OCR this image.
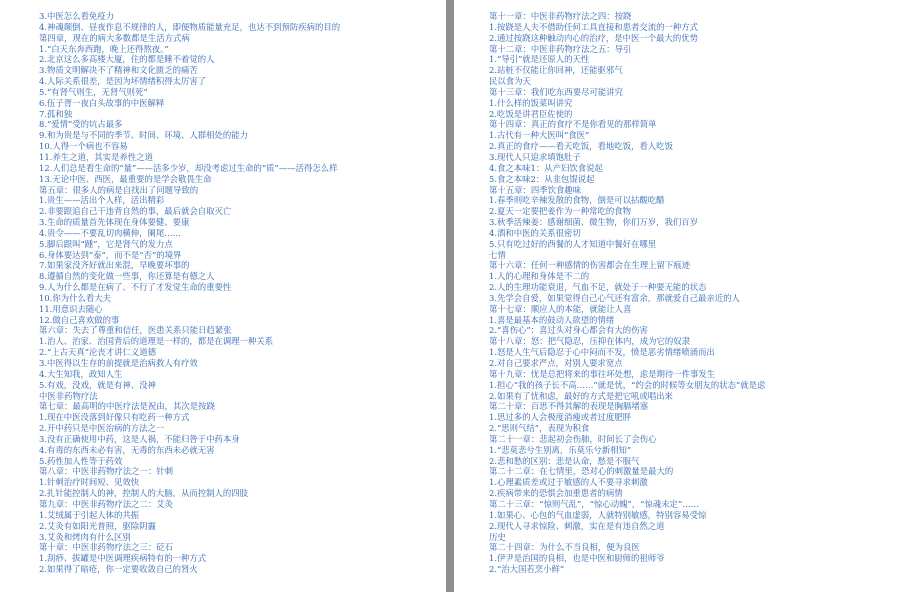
3.中医怎么看免疫力
4.神魂颠倒、昼夜作息不规律的人，即便物质能量充足，也达不到预防疾病的目的
第四章，现在的病大多数都是生活方式病
1.“白天东奔西跑，晚上还得熬夜。”
2.北京这么多高楼大厦，住的都是睡不着觉的人
3.物质文明解决不了精神和文化匮乏的痛苦
4.人际关系很差，是因为坏情绪积得太厉害了
5.“有肾气则生，无肾气则死”
6.伍子胥一夜白头故事的中医解释
7.孤和独
8.“爱情”受的坑占最多
9.和为贵是与不同的季节、时间、环境、人群相处的能力
10.人得一个病也不容易
11.养生之道，其实是养性之道
12.人们总是看生命的“量”——活多少岁，却没考虑过生命的“质”——活得怎么样
13.无论中医、西医，最重要的是学会敬畏生命
第五章：很多人的病是自找出了问题导致的
1.贵生——活出个人样，活出精彩
2.非要跟追自己干违背自然的事，最后就会自取灭亡
3.生命的质量首先体现在身体要健、要康
4.贵令——不要乱切肉横伸，阑尾……
5.脚后跟叫“踵”，它是肾气的发力点
6.身体要达到“泰”，而不是“否”的境界
7.如果家没齐好就出来混，早晚要坏事的
8.遵循自然的变化做一些事，你还算是有德之人
9.人为什么都是在病了、不行了才发觉生命的重要性
10.你为什么看大夫
11.用意识去随心
12.做自己喜欢做的事
第六章：失去了尊重和信任，医患关系只能日趋紧张
1.治人、治家、治国背后的道理是一样的，都是在调理一种关系
2.“上古天真”沦丧才讲仁义道德
3.中医得以生存的前提就是治病救人有疗效
4.大生知我，政知人生
5.有戏，没戏，就是有神、没神
中医非药物疗法
第七章：最高明的中医疗法是祝由，其次是按跷
1.现在中医没落到好像只有吃药一种方式
2.开中药只是中医治病的方法之一
3.没有正确使用中药，这是人祸，不能归咎于中药本身
4.有毒的东西未必有害，无毒的东西未必就无害
5.药性加人性等于药效
第八章：中医非药物疗法之一：针刺
1.针刺治疗时间短、见效快
2.扎针能控制人的神，控制人的大脑，从而控制人的四肢
第九章：中医非药物疗法之二：艾灸
1.艾绒属于引起人体的共振
2.艾灸有如阳光普照，驱除阴霾
3.艾灸和烤肉有什么区别
第十章：中医非药物疗法之三：砭石
1.刮痧、拔罐是中医调理疾病特有的一种方式
2.如果得了暗疮，你一定要收敛自己的肾火
第十一章：中医非药物疗法之四：按跷
1.按跷是人夫不借助任何工具直接和患者交流的一种方式
2.通过按跷这种触动内心的治疗，是中医一个最大的优势
第十二章：中医非药物疗法之五：导引
1.“导引”就是还原人的天性
2.站桩不仅能让你回神，还能驱邪气
民以食为天
第十三章：我们吃东西要尽可能讲究
1.什么样的饭菜叫讲究
2.吃饭是讲君臣佐使的
第十四章：真正的食疗不是你看见的那样简单
1.古代有一种大医叫“食医”
2.真正的食疗——看天吃饭，看地吃饭，看人吃饭
3.现代人只追求填饱肚子
4.食之本味1：从产妇饮食说起
5.食之本味2：从韭包馄说起
第十五章：四季饮食趣味
1.春季则吃辛辣发散的食物，倒是可以拈酸吃醋
2.夏天一定要把姜作为一种常吃的食物
3.秋季活辣姜：感谢细菌、微生物，你们万岁，我们百岁
4.酒和中医的关系很密切
5.只有吃过好的西餐的人才知道中餐好在哪里
七情
第十六章：任何一种感情的伤害都会在生理上留下痕迹
1.人的心理和身体是不二的
2.人的生理功能衰退，气血不足，就处于一种要无能的状态
3.先学会自爱，如果觉得自己心气还有富余，那就爱自己最亲近的人
第十七章：顺应人的本能，就能让人喜
1.喜是最基本的鼓动人欲望的情绪
2.“喜伤心”：喜过头对身心都会有大的伤害
第十八章：怒：把气隐忍，压抑在体内，成为它的奴隶
1.怒是人生气后隐忍于心中闷而不发，愤是恶劣情绪喷涌而出
2.对自己要求严点，对别人要求宽点
第十九章：忧是总把将来的事往坏处想，虑是期待一件事发生
1.担心“我的孩子长不高……”就是忧，“约会的时候等女朋友的状态”就是虑
2.如果有了忧和虑，最好的方式是把它吼或唱出来
第二十章：百思不得其解的表现是胸膈堵塞
1.思过多的人会极度消瘦或者过度肥胖
2.“思则气结”，表现为积食
第二十一章：悲起初会伤肺，时间长了会伤心
1.“悲莫悲兮生别离，乐莫乐兮新相知”
2.悲和愁的区别：悲是认命，愁是不服气
第二十二章：在七情里，恐对心的刺激量是最大的
1.心理素质差或过于敏感的人不要寻求刺激
2.疾病带来的恐惧会加重患者的病情
第二十三章：“惊则气乱”，“惊心动魄”，“惊魂未定”……
1.如果心、心包的气血虚弱，人就特别敏感，特别容易受惊
2.现代人寻求惊险、刺激，实在是有违自然之道
历史
第二十四章：为什么不当良相，便为良医
1.伊尹是治国的良相，也是中医和厨师的祖师爷
2.“治大国若烹小鲜”
